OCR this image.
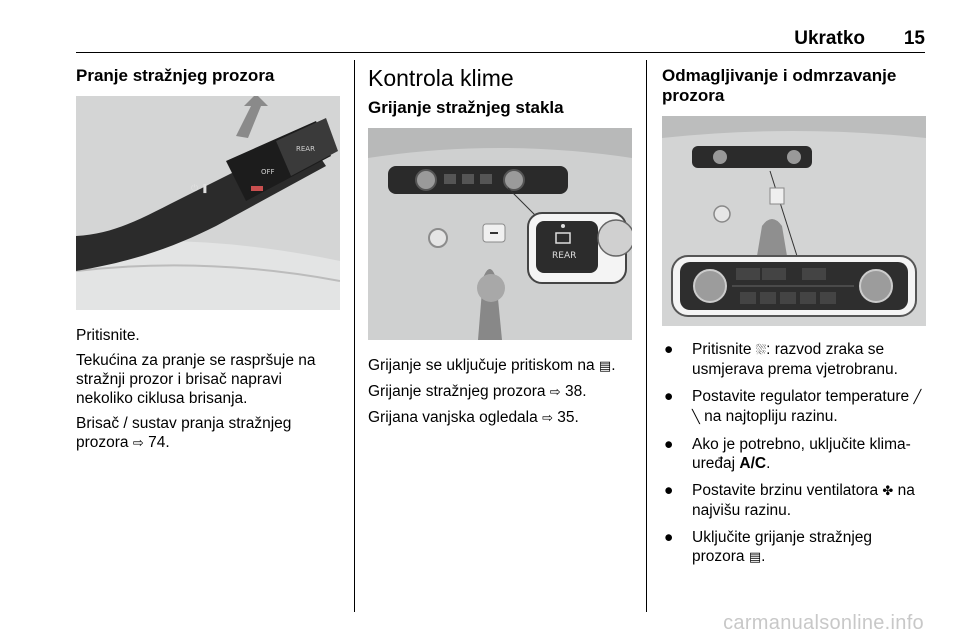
Ukratko 15
Pranje stražnjeg prozora
⏻ ❚
OFF
REAR

Pritisnite.

Tekućina za pranje se raspršuje na stražnji prozor i brisač napravi nekoliko ciklusa brisanja.

Brisač / sustav pranja stražnjeg prozora ⇨ 74.

Kontrola klime
Grijanje stražnjeg stakla
REAR

Grijanje se uključuje pritiskom na ▤.

Grijanje stražnjeg prozora ⇨ 38.

Grijana vanjska ogledala ⇨ 35.

Odmagljivanje i odmrzavanje prozora
● Pritisnite ⛆: razvod zraka se usmjerava prema vjetrobranu.
● Postavite regulator temperature ╱ ╲ na najtopliju razinu.
● Ako je potrebno, uključite klima-uređaj A/C.
● Postavite brzinu ventilatora ✤ na najvišu razinu.
● Uključite grijanje stražnjeg prozora ▤.
carmanualsonline.info
